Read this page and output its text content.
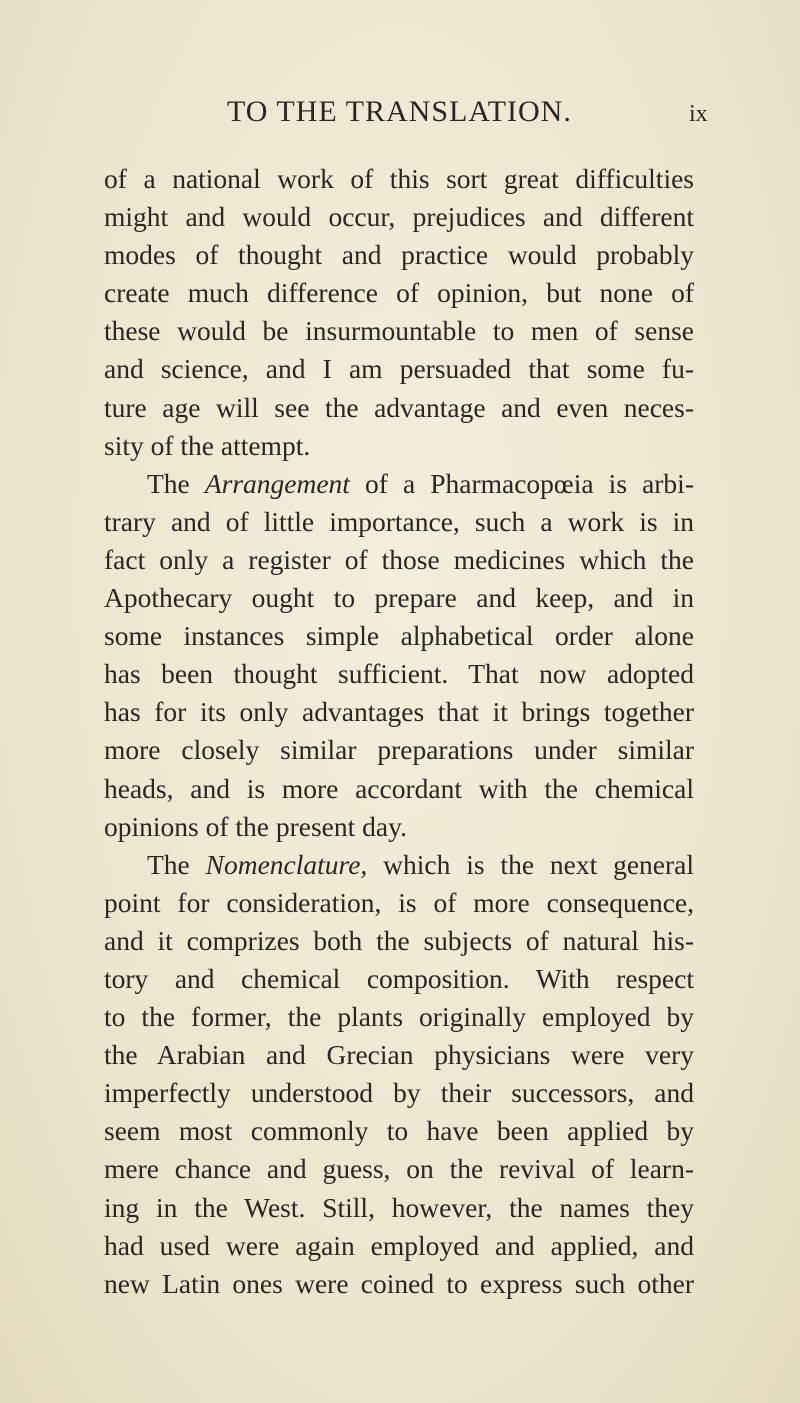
TO THE TRANSLATION.	ix
of a national work of this sort great difficulties
might and would occur, prejudices and different
modes of thought and practice would probably
create much difference of opinion, but none of
these would be insurmountable to men of sense
and science, and I am persuaded that some fu-
ture age will see the advantage and even neces-
sity of the attempt.
The Arrangement of a Pharmacopœia is arbi-
trary and of little importance, such a work is in
fact only a register of those medicines which the
Apothecary ought to prepare and keep, and in
some instances simple alphabetical order alone
has been thought sufficient. That now adopted
has for its only advantages that it brings together
more closely similar preparations under similar
heads, and is more accordant with the chemical
opinions of the present day.
The Nomenclature, which is the next general
point for consideration, is of more consequence,
and it comprizes both the subjects of natural his-
tory and chemical composition. With respect
to the former, the plants originally employed by
the Arabian and Grecian physicians were very
imperfectly understood by their successors, and
seem most commonly to have been applied by
mere chance and guess, on the revival of learn-
ing in the West. Still, however, the names they
had used were again employed and applied, and
new Latin ones were coined to express such other
